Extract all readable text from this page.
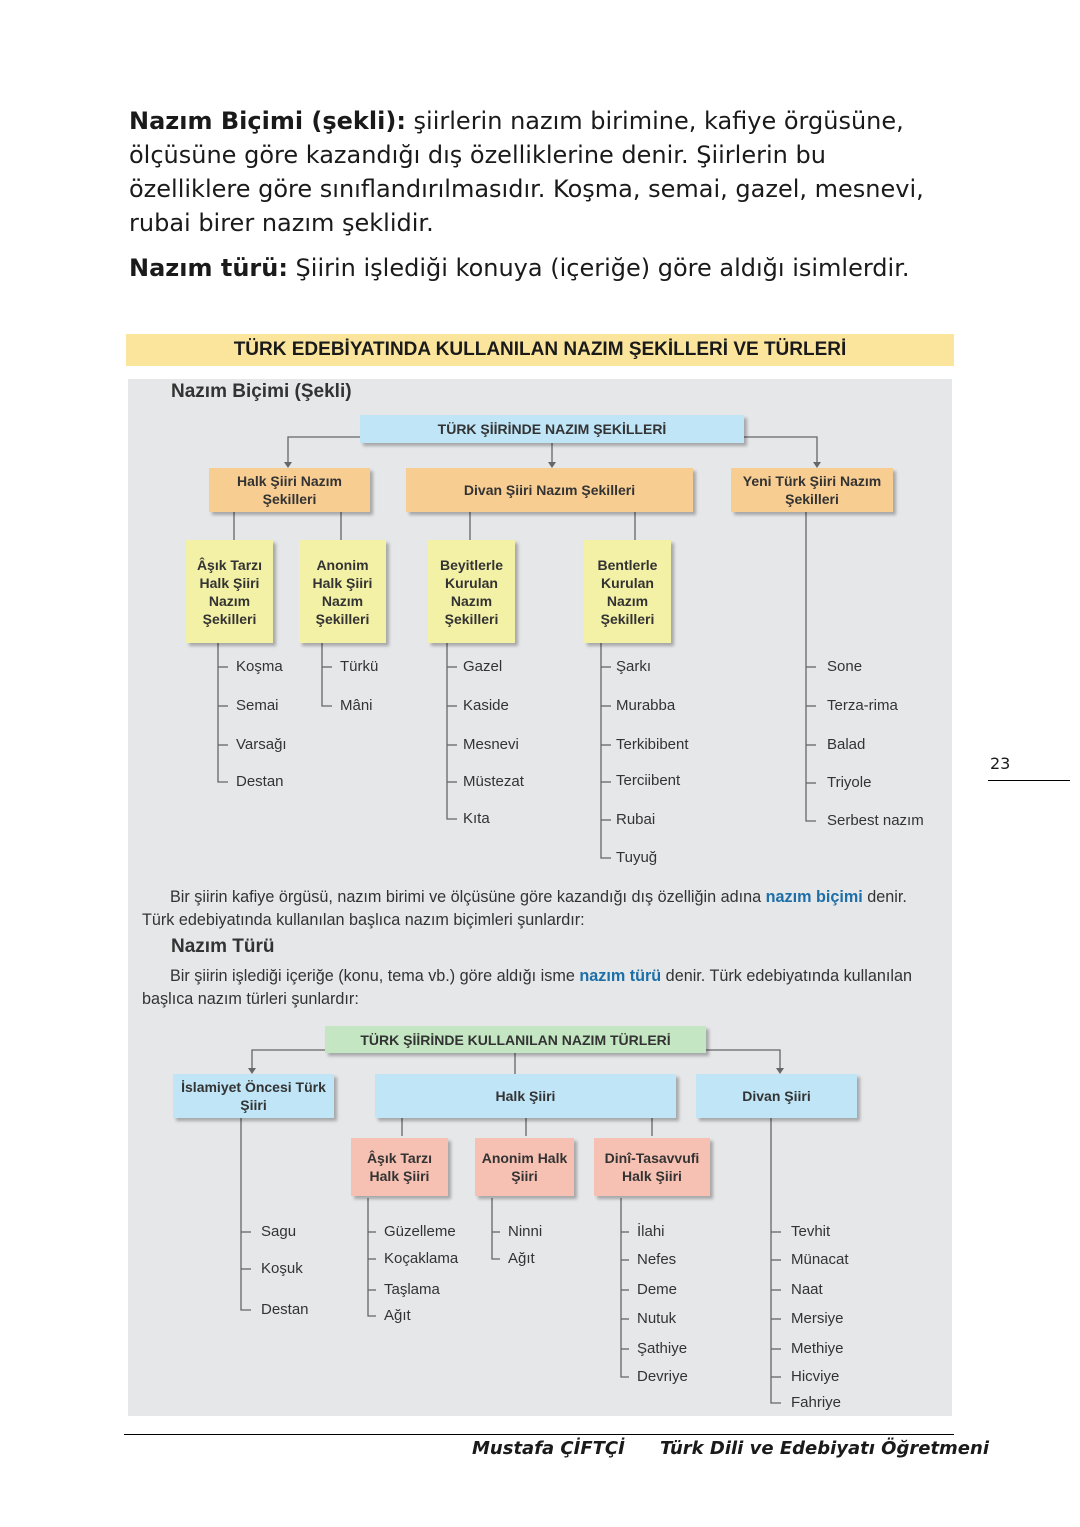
Nazım Biçimi (şekli): şiirlerin nazım birimine, kafiye örgüsüne, ölçüsüne göre kazandığı dış özelliklerine denir. Şiirlerin bu özelliklere göre sınıflandırılmasıdır. Koşma, semai, gazel, mesnevi, rubai birer nazım şeklidir.
Nazım türü: Şiirin işlediği konuya (içeriğe) göre aldığı isimlerdir.
TÜRK EDEBİYATINDA KULLANILAN NAZIM ŞEKİLLERİ VE TÜRLERİ
Nazım Biçimi (Şekli)
TÜRK ŞİİRİNDE NAZIM ŞEKİLLERİ
Halk Şiiri Nazım Şekilleri
Divan Şiiri Nazım Şekilleri
Yeni Türk Şiiri Nazım Şekilleri
Âşık Tarzı Halk Şiiri Nazım Şekilleri
Anonim Halk Şiiri Nazım Şekilleri
Beyitlerle Kurulan Nazım Şekilleri
Bentlerle Kurulan Nazım Şekilleri
Koşma
Semai
Varsağı
Destan
Türkü
Mâni
Gazel
Kaside
Mesnevi
Müstezat
Kıta
Şarkı
Murabba
Terkibibent
Terciibent
Rubai
Tuyuğ
Sone
Terza-rima
Balad
Triyole
Serbest nazım
Bir şiirin kafiye örgüsü, nazım birimi ve ölçüsüne göre kazandığı dış özelliğin adına nazım biçimi denir. Türk edebiyatında kullanılan başlıca nazım biçimleri şunlardır:
Nazım Türü
Bir şiirin işlediği içeriğe (konu, tema vb.) göre aldığı isme nazım türü denir. Türk edebiyatında kullanılan başlıca nazım türleri şunlardır:
TÜRK ŞİİRİNDE KULLANILAN NAZIM TÜRLERİ
İslamiyet Öncesi Türk Şiiri
Halk Şiiri	Divan Şiiri
Âşık Tarzı Halk Şiiri
Anonim Halk Şiiri
Dinî-Tasavvufi Halk Şiiri
Sagu
Koşuk
Destan
Güzelleme
Koçaklama
Taşlama
Ağıt
Ninni
Ağıt
İlahi
Nefes
Deme
Nutuk
Şathiye
Devriye
Tevhit
Münacat
Naat
Mersiye
Methiye
Hicviye
Fahriye
23
Mustafa ÇİFTÇİ Türk Dili ve Edebiyatı Öğretmeni
